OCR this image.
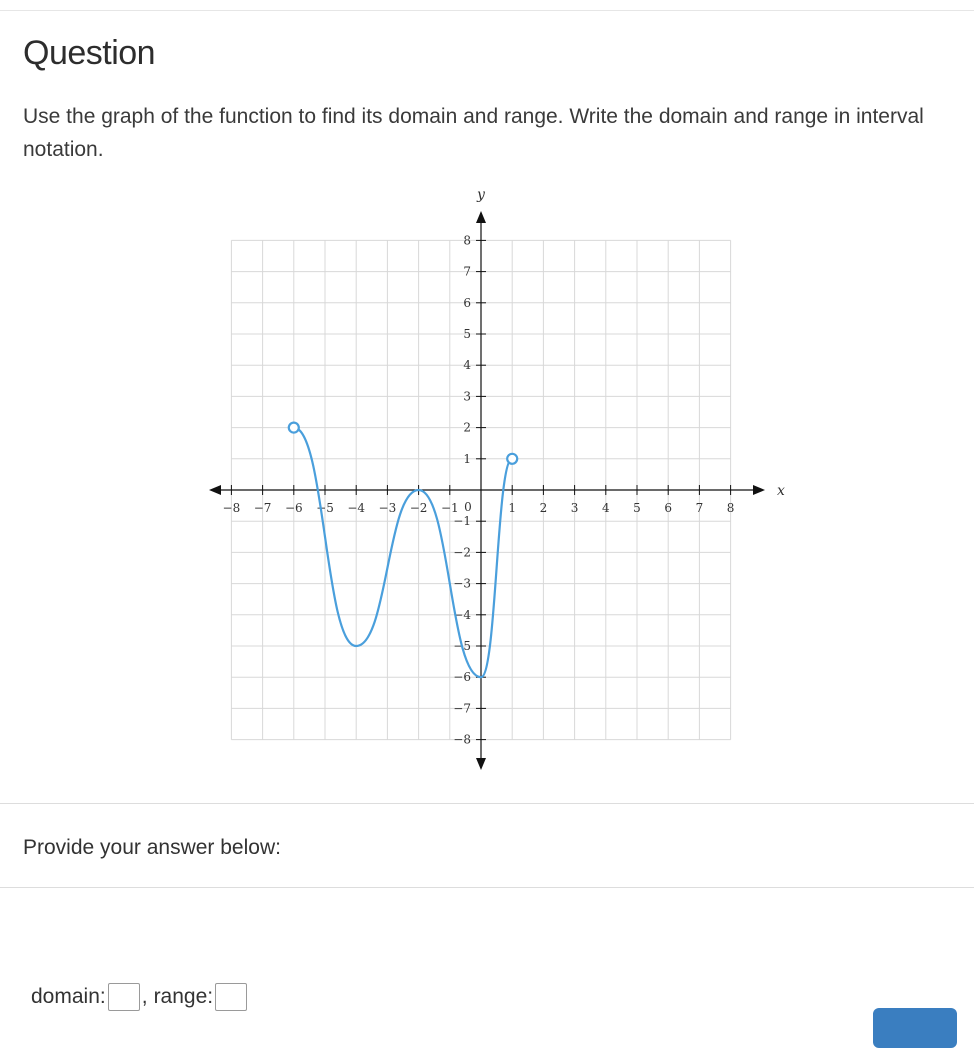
Question
Use the graph of the function to find its domain and range. Write the domain and range in interval notation.
−8 −7 −6 −5 −4 −3 −2 −1	1 2 3 4 5 6 7 8
8
7
6
5
4
3
2
1
−1
−2
−3
−4
−5
−6
−7
−8
0
x
y
Provide your answer below:
domain: , range:
